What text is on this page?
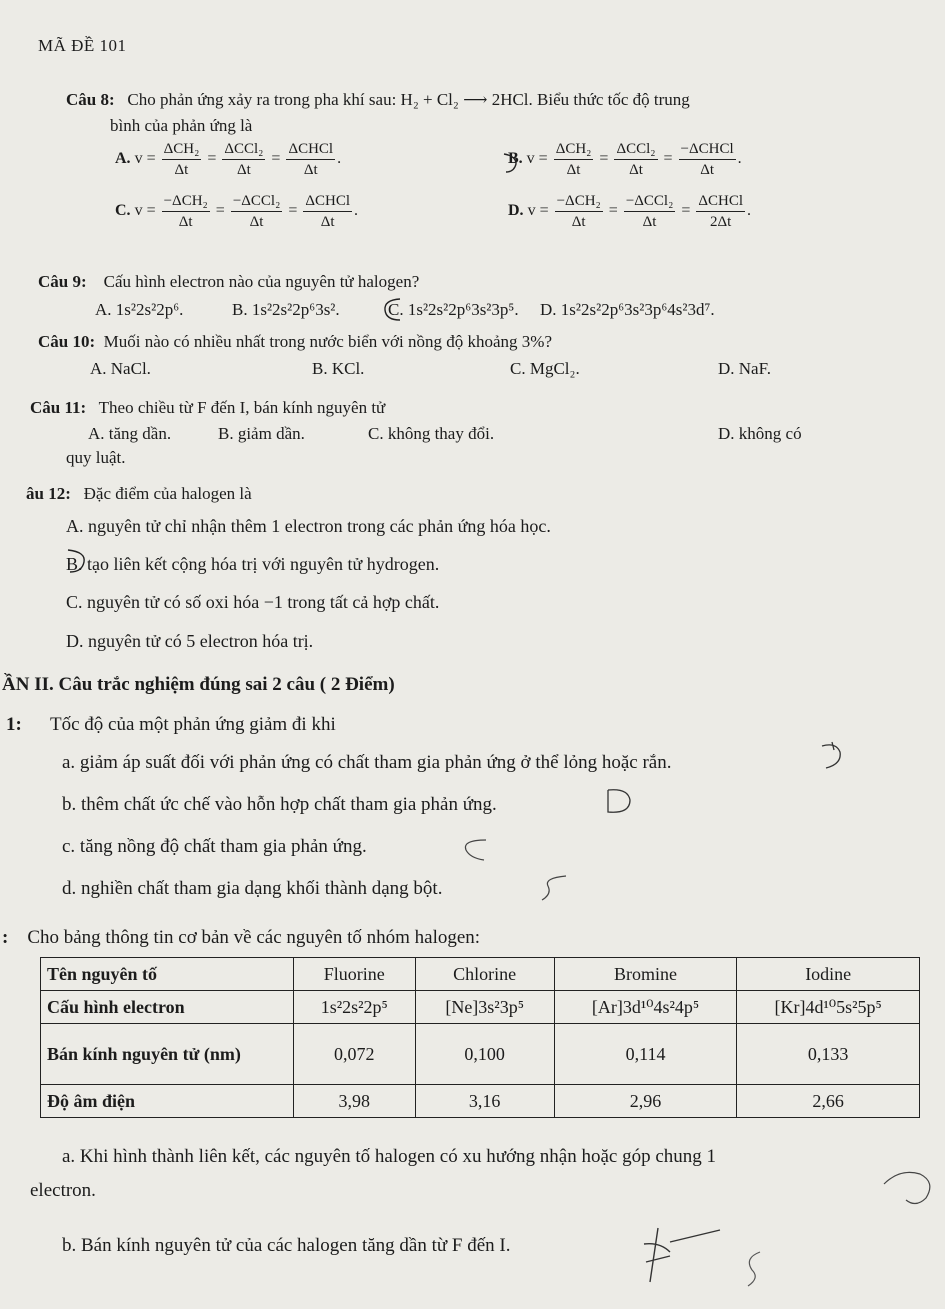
MÃ ĐỀ 101
Câu 8: Cho phản ứng xảy ra trong pha khí sau: H₂ + Cl₂ ⟶ 2HCl. Biểu thức tốc độ trung
bình của phản ứng là
A. $v = \frac{\text{ΔCH₂}}{\Delta t} = \frac{\text{ΔCCl₂}}{\Delta t} = \frac{\text{ΔCHCl}}{\Delta t}$ .	B. $v = \frac{\text{ΔCH₂}}{\Delta t} = \frac{\text{ΔCCl₂}}{\Delta t} = \frac{\text{−ΔCHCl}}{\Delta t}$ .
C. $v = \frac{\text{−ΔCH₂}}{\Delta t} = \frac{\text{−ΔCCl₂}}{\Delta t} = \frac{\text{ΔCHCl}}{\Delta t}$ .	D. $v = \frac{\text{−ΔCH₂}}{\Delta t} = \frac{\text{−ΔCCl₂}}{\Delta t} = \frac{\text{ΔCHCl}}{2\Delta t}$ .
Câu 9: Cấu hình electron nào của nguyên tử halogen?
A. 1s²2s²2p⁶.	B. 1s²2s²2p⁶3s².	C. 1s²2s²2p⁶3s²3p⁵. D. 1s²2s²2p⁶3s²3p⁶4s²3d⁷.
Câu 10: Muối nào có nhiều nhất trong nước biển với nồng độ khoảng 3%?
A. NaCl.	B. KCl.	C. MgCl₂.	D. NaF.
Câu 11: Theo chiều từ F đến I, bán kính nguyên tử
A. tăng dần.	B. giảm dần.	C. không thay đổi.	D. không có
quy luật.
âu 12: Đặc điểm của halogen là
A. nguyên tử chỉ nhận thêm 1 electron trong các phản ứng hóa học.
B. tạo liên kết cộng hóa trị với nguyên tử hydrogen.
C. nguyên tử có số oxi hóa −1 trong tất cả hợp chất.
D. nguyên tử có 5 electron hóa trị.
ẦN II. Câu trắc nghiệm đúng sai 2 câu ( 2 Điểm)
1: Tốc độ của một phản ứng giảm đi khi
a. giảm áp suất đối với phản ứng có chất tham gia phản ứng ở thể lỏng hoặc rắn.
b. thêm chất ức chế vào hỗn hợp chất tham gia phản ứng.
c. tăng nồng độ chất tham gia phản ứng.
d. nghiền chất tham gia dạng khối thành dạng bột.
: Cho bảng thông tin cơ bản về các nguyên tố nhóm halogen:
Tên nguyên tố	Fluorine	Chlorine	Bromine	Iodine
Cấu hình electron	1s²2s²2p⁵	[Ne]3s²3p⁵	[Ar]3d¹⁰4s²4p⁵	[Kr]4d¹⁰5s²5p⁵
Bán kính nguyên tử (nm)	0,072	0,100	0,114	0,133
Độ âm điện	3,98	3,16	2,96	2,66
a. Khi hình thành liên kết, các nguyên tố halogen có xu hướng nhận hoặc góp chung 1
electron.
b. Bán kính nguyên tử của các halogen tăng dần từ F đến I.
